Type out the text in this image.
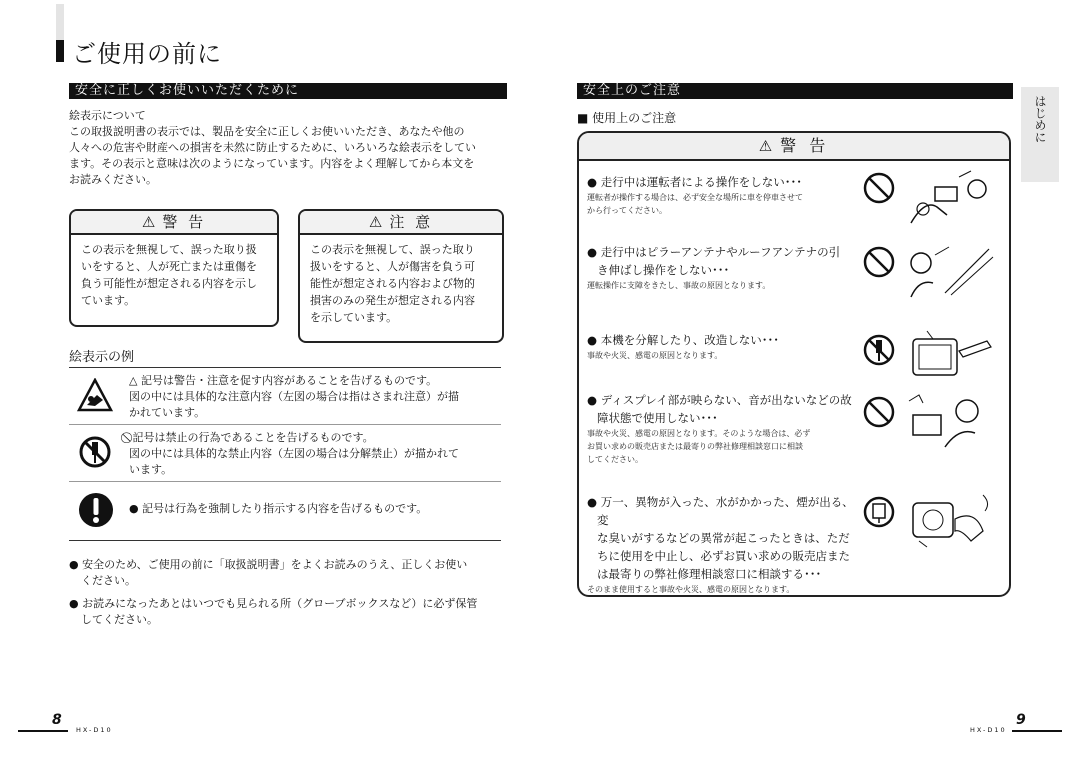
ご使用の前に
安全に正しくお使いいただくために
絵表示について
この取扱説明書の表示では、製品を安全に正しくお使いいただき、あなたや他の
人々への危害や財産への損害を未然に防止するために、いろいろな絵表示をしてい
ます。その表示と意味は次のようになっています。内容をよく理解してから本文を
お読みください。
⚠ 警 告
この表示を無視して、誤った取り扱
いをすると、人が死亡または重傷を
負う可能性が想定される内容を示し
ています。
⚠ 注 意
この表示を無視して、誤った取り
扱いをすると、人が傷害を負う可
能性が想定される内容および物的
損害のみの発生が想定される内容
を示しています。
絵表示の例
△ 記号は警告・注意を促す内容があることを告げるものです。
図の中には具体的な注意内容（左図の場合は指はさまれ注意）が描
かれています。
⃠ 記号は禁止の行為であることを告げるものです。
図の中には具体的な禁止内容（左図の場合は分解禁止）が描かれて
います。
● 記号は行為を強制したり指示する内容を告げるものです。
● 安全のため、ご使用の前に「取扱説明書」をよくお読みのうえ、正しくお使い
ください。
● お読みになったあとはいつでも見られる所（グローブボックスなど）に必ず保管
してください。
8
HX-D10
安全上のご注意
■ 使用上のご注意	はじめに
⚠ 警 告
● 走行中は運転者による操作をしない･･･
運転者が操作する場合は、必ず安全な場所に車を停車させて
から行ってください。
● 走行中はピラーアンテナやルーフアンテナの引
き伸ばし操作をしない･･･
運転操作に支障をきたし、事故の原因となります。
● 本機を分解したり、改造しない･･･
事故や火災、感電の原因となります。
● ディスプレイ部が映らない、音が出ないなどの故
障状態で使用しない･･･
事故や火災、感電の原因となります。そのような場合は、必ず
お買い求めの販売店または最寄りの弊社修理相談窓口に相談
してください。
● 万一、異物が入った、水がかかった、煙が出る、変
な臭いがするなどの異常が起こったときは、ただ
ちに使用を中止し、必ずお買い求めの販売店また
は最寄りの弊社修理相談窓口に相談する･･･
そのまま使用すると事故や火災、感電の原因となります。
HX-D10
9
